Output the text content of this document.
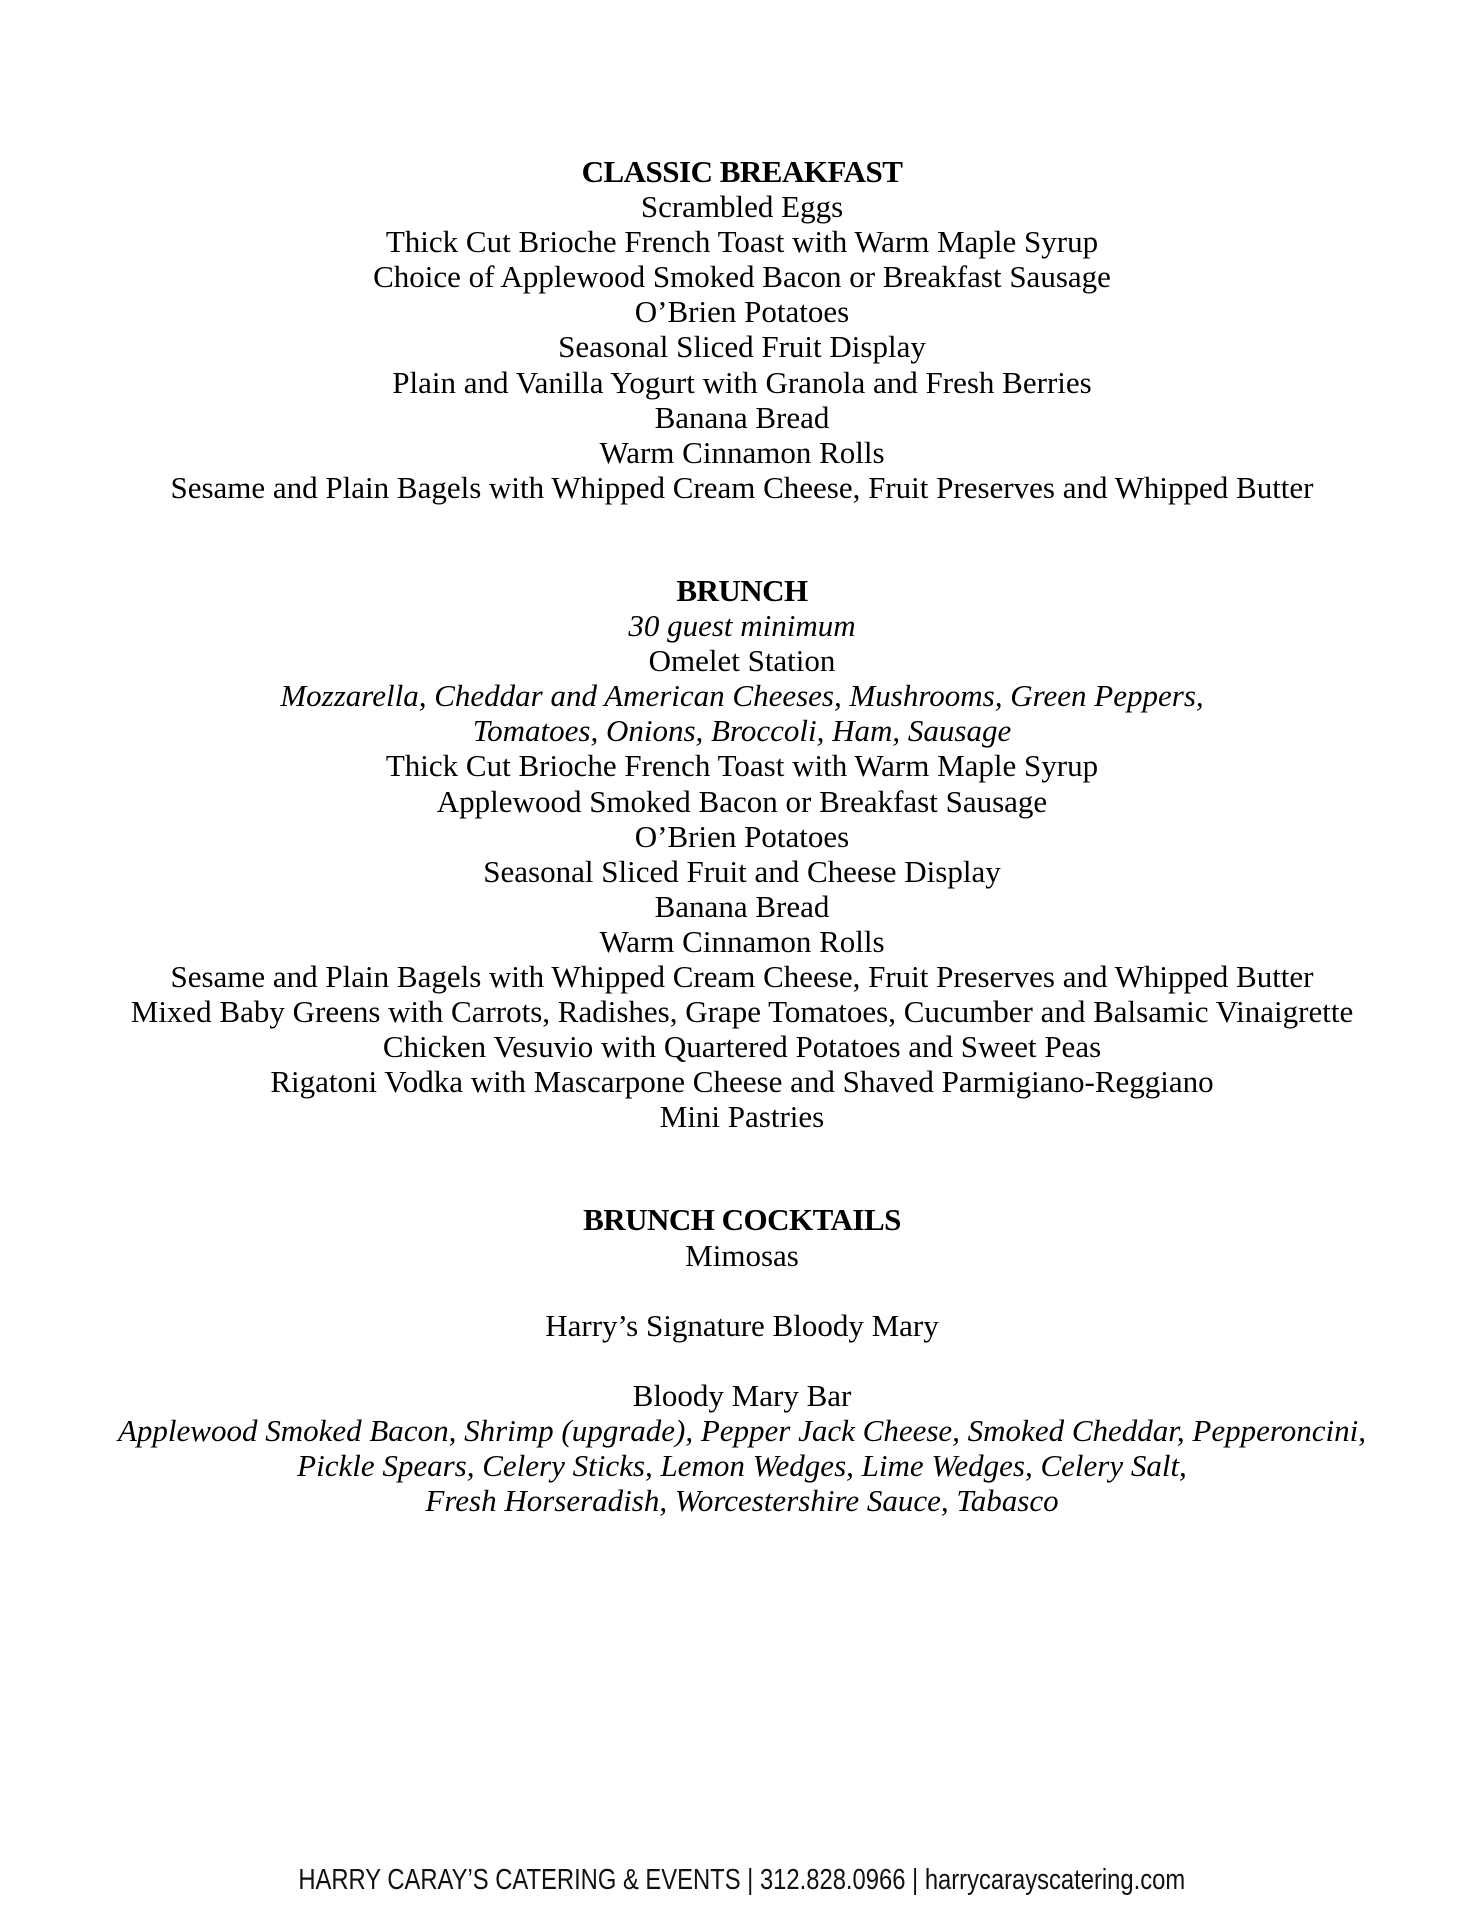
CLASSIC BREAKFAST

Scrambled Eggs

Thick Cut Brioche French Toast with Warm Maple Syrup

Choice of Applewood Smoked Bacon or Breakfast Sausage

O’Brien Potatoes

Seasonal Sliced Fruit Display

Plain and Vanilla Yogurt with Granola and Fresh Berries

Banana Bread

Warm Cinnamon Rolls

Sesame and Plain Bagels with Whipped Cream Cheese, Fruit Preserves and Whipped Butter

BRUNCH

30 guest minimum

Omelet Station

Mozzarella, Cheddar and American Cheeses, Mushrooms, Green Peppers,

Tomatoes, Onions, Broccoli, Ham, Sausage

Thick Cut Brioche French Toast with Warm Maple Syrup

Applewood Smoked Bacon or Breakfast Sausage

O’Brien Potatoes

Seasonal Sliced Fruit and Cheese Display

Banana Bread

Warm Cinnamon Rolls

Sesame and Plain Bagels with Whipped Cream Cheese, Fruit Preserves and Whipped Butter

Mixed Baby Greens with Carrots, Radishes, Grape Tomatoes, Cucumber and Balsamic Vinaigrette

Chicken Vesuvio with Quartered Potatoes and Sweet Peas

Rigatoni Vodka with Mascarpone Cheese and Shaved Parmigiano-Reggiano

Mini Pastries

BRUNCH COCKTAILS

Mimosas

Harry’s Signature Bloody Mary

Bloody Mary Bar

Applewood Smoked Bacon, Shrimp (upgrade), Pepper Jack Cheese, Smoked Cheddar, Pepperoncini,

Pickle Spears, Celery Sticks, Lemon Wedges, Lime Wedges, Celery Salt,

Fresh Horseradish, Worcestershire Sauce, Tabasco

HARRY CARAY’S CATERING & EVENTS | 312.828.0966 | harrycarayscatering.com
